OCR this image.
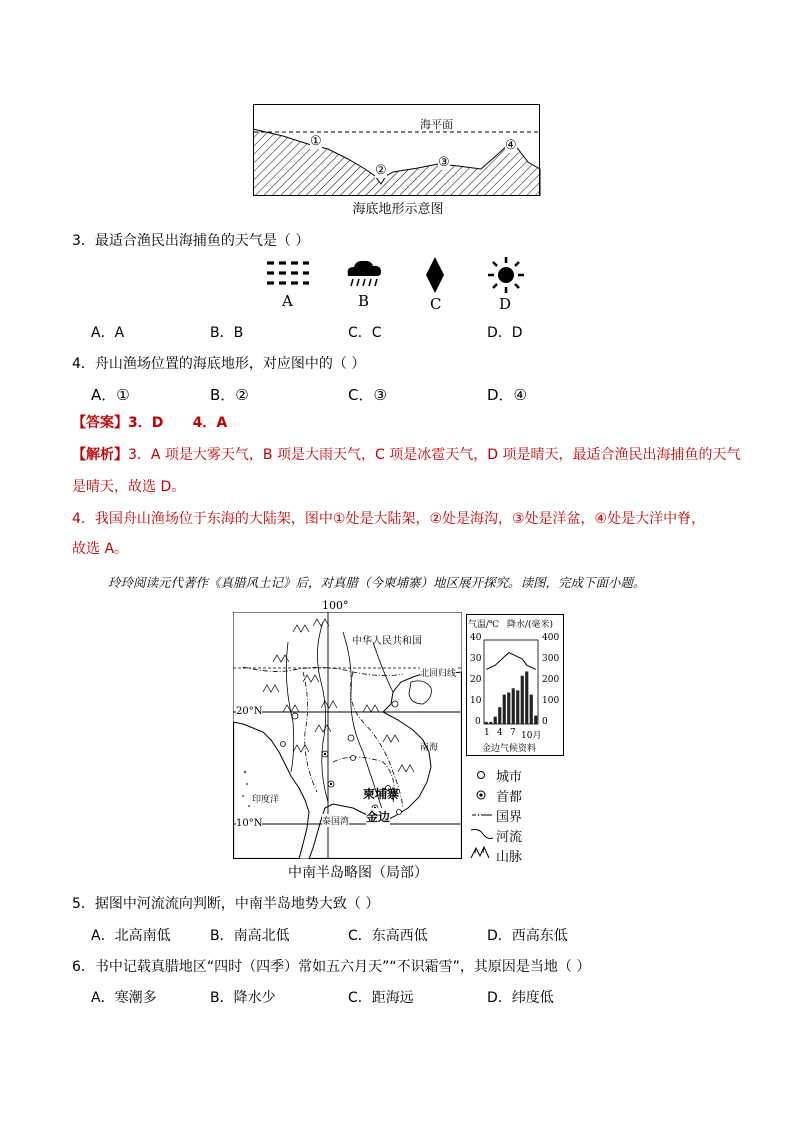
海平面
①
②
③
④
海底地形示意图
3．最适合渔民出海捕鱼的天气是（ ）
A	B	C	D
A．A	B．B	C．C	D．D
4．舟山渔场位置的海底地形，对应图中的（ ）
A．①	B．②	C．③	D．④
【答案】3．D      4．A
【解析】3．A 项是大雾天气，B 项是大雨天气，C 项是冰雹天气，D 项是晴天，最适合渔民出海捕鱼的天气
是晴天，故选 D。
4．我国舟山渔场位于东海的大陆架，图中①处是大陆架，②处是海沟，③处是洋盆，④处是大洋中脊，
故选 A。
玲玲阅读元代著作《真腊风土记》后，对真腊（今柬埔寨）地区展开探究。读图，完成下面小题。
100°
中华人民共和国
北回归线
20°N
10°N
南海
印度洋
泰国湾
柬埔寨
金边
中南半岛略图（局部）
气温/℃ 降水/(毫米)
40
30
20
10
0
400
300
200
100
0
1 4 7 10月
金边气候资料
城市
首都
国界
河流
山脉
5．据图中河流流向判断，中南半岛地势大致（ ）
A．北高南低	B．南高北低	C．东高西低	D．西高东低
6．书中记载真腊地区“四时（四季）常如五六月天”“不识霜雪”，其原因是当地（ ）
A．寒潮多	B．降水少	C．距海远	D．纬度低
